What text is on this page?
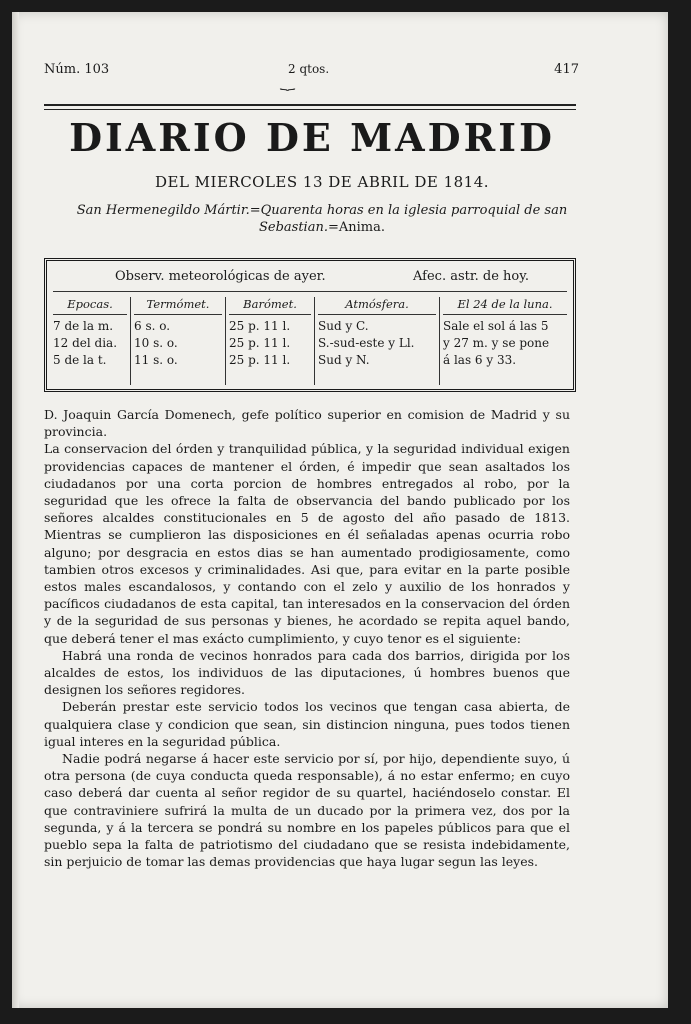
Núm. 103	2 qtos.
⏟
417
DIARIO DE MADRID
DEL MIERCOLES 13 DE ABRIL DE 1814.
San Hermenegildo Mártir.=Quarenta horas en la iglesia parroquial de san Sebastian.=Anima.
Observ. meteorológicas de ayer.	Afec. astr. de hoy.
Epocas.
7 de la m.
12 del dia.
5 de la t.
Termómet.
6 s. o.
10 s. o.
11 s. o.
Barómet.
25 p. 11 l.
25 p. 11 l.
25 p. 11 l.
Atmósfera.
Sud y C.
S.-sud-este y Ll.
Sud y N.
El 24 de la luna.
Sale el sol á las 5
y 27 m. y se pone
á las 6 y 33.

D. Joaquin García Domenech, gefe político superior en comision de Madrid y su provincia.

La conservacion del órden y tranquilidad pública, y la seguridad individual exigen providencias capaces de mantener el órden, é impedir que sean asaltados los ciudadanos por una corta porcion de hombres entregados al robo, por la seguridad que les ofrece la falta de observancia del bando publicado por los señores alcaldes constitucionales en 5 de agosto del año pasado de 1813. Mientras se cumplieron las disposiciones en él señaladas apenas ocurria robo alguno; por desgracia en estos dias se han aumentado prodigiosamente, como tambien otros excesos y criminalidades. Asi que, para evitar en la parte posible estos males escandalosos, y contando con el zelo y auxilio de los honrados y pacíficos ciudadanos de esta capital, tan interesados en la conservacion del órden y de la seguridad de sus personas y bienes, he acordado se repita aquel bando, que deberá tener el mas exácto cumplimiento, y cuyo tenor es el siguiente:

Habrá una ronda de vecinos honrados para cada dos barrios, dirigida por los alcaldes de estos, los individuos de las diputaciones, ú hombres buenos que designen los señores regidores.

Deberán prestar este servicio todos los vecinos que tengan casa abierta, de qualquiera clase y condicion que sean, sin distincion ninguna, pues todos tienen igual interes en la seguridad pública.

Nadie podrá negarse á hacer este servicio por sí, por hijo, dependiente suyo, ú otra persona (de cuya conducta queda responsable), á no estar enfermo; en cuyo caso deberá dar cuenta al señor regidor de su quartel, haciéndoselo constar. El que contraviniere sufrirá la multa de un ducado por la primera vez, dos por la segunda, y á la tercera se pondrá su nombre en los papeles públicos para que el pueblo sepa la falta de patriotismo del ciudadano que se resista indebidamente, sin perjuicio de tomar las demas providencias que haya lugar segun las leyes.
